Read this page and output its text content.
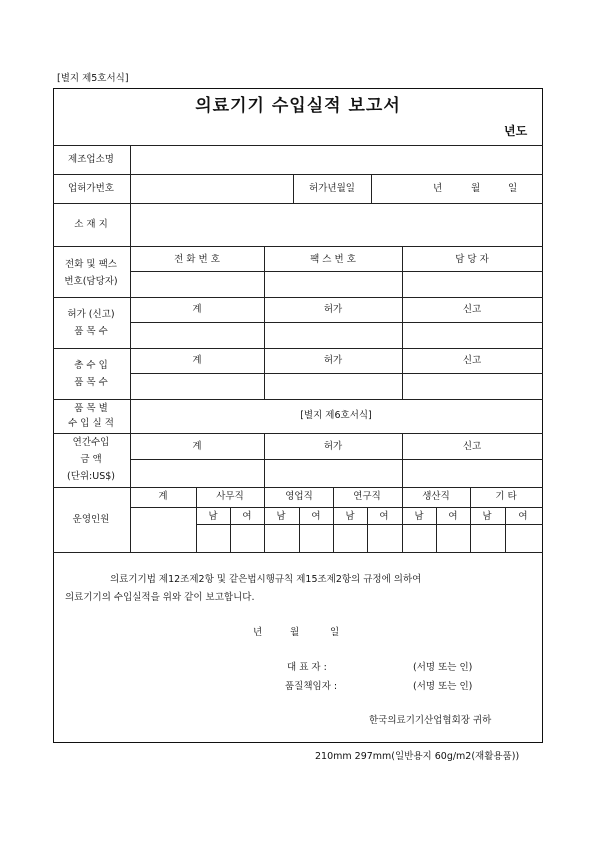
[별지 제5호서식]
의료기기 수입실적 보고서
년도
제조업소명
업허가번호	허가년월일	년	월	일
소 재 지
전화 및 팩스
번호(담당자)
전 화 번 호	팩 스 번 호	담 당 자
허가 (신고)
품 목 수
계	허가	신고
총 수 입
품 목 수
계	허가	신고
품 목 별
수 입 실 적
[별지 제6호서식]
연간수입
금 액
(단위:US$)
계	허가	신고
운영인원
계	사무직	영업직	연구직	생산직	기 타
남	여	남	여	남	여	남	여	남	여
의료기기법 제12조제2항 및 같은법시행규칙 제15조제2항의 규정에 의하여
의료기기의 수입실적을 위와 같이 보고합니다.
년	월	일
대 표 자 :	(서명 또는 인)
품질책임자 :	(서명 또는 인)
한국의료기기산업협회장 귀하
210mm 297mm(일반용지 60g/m2(재활용품))
